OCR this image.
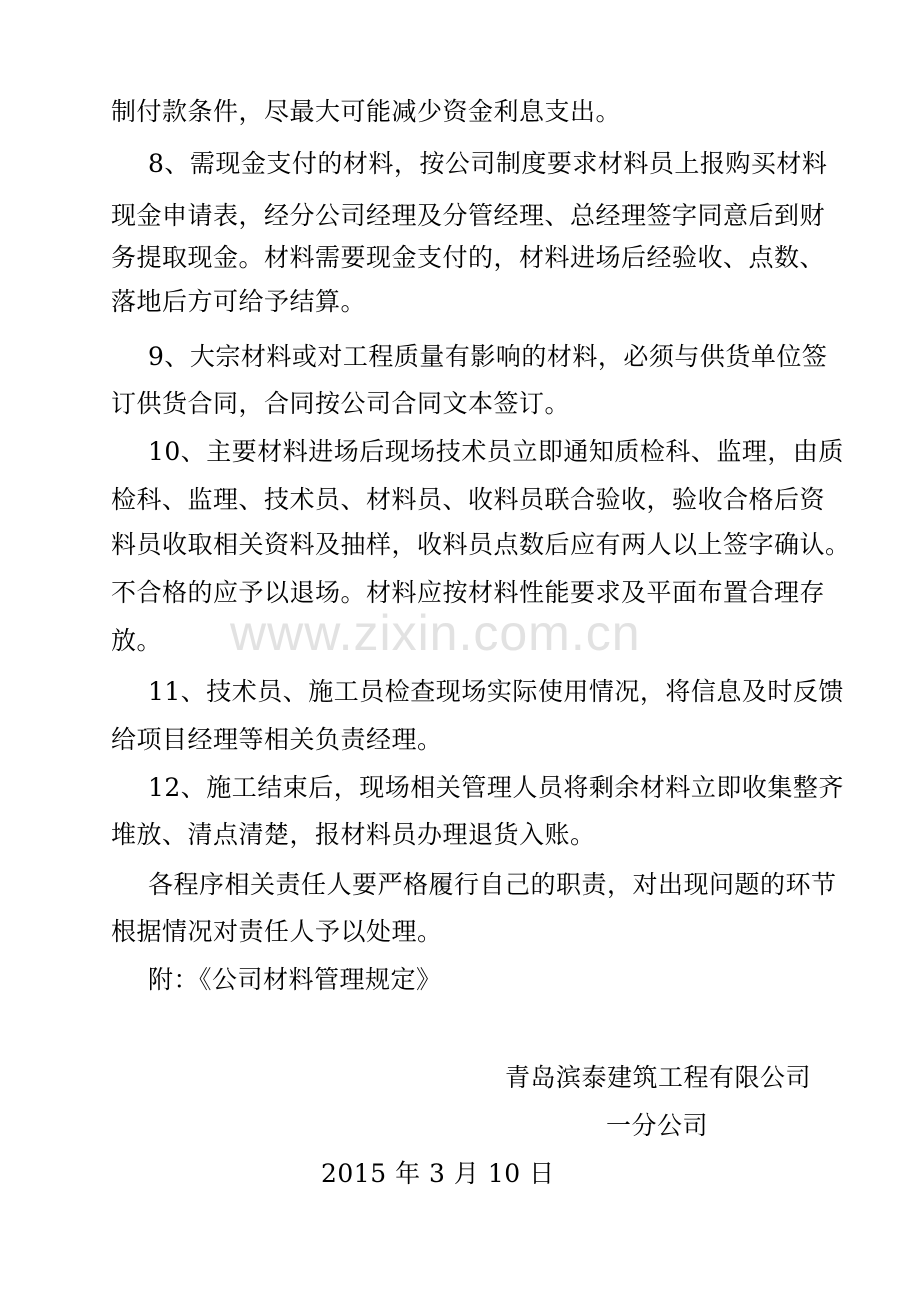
制付款条件，尽最大可能减少资金利息支出。
8、需现金支付的材料，按公司制度要求材料员上报购买材料
现金申请表，经分公司经理及分管经理、总经理签字同意后到财
务提取现金。材料需要现金支付的，材料进场后经验收、点数、
落地后方可给予结算。
9、大宗材料或对工程质量有影响的材料，必须与供货单位签
订供货合同，合同按公司合同文本签订。
10、主要材料进场后现场技术员立即通知质检科、监理，由质
检科、监理、技术员、材料员、收料员联合验收，验收合格后资
料员收取相关资料及抽样，收料员点数后应有两人以上签字确认。
不合格的应予以退场。材料应按材料性能要求及平面布置合理存
放。
11、技术员、施工员检查现场实际使用情况，将信息及时反馈
给项目经理等相关负责经理。
12、施工结束后，现场相关管理人员将剩余材料立即收集整齐
堆放、清点清楚，报材料员办理退货入账。
各程序相关责任人要严格履行自己的职责，对出现问题的环节
根据情况对责任人予以处理。
附：《公司材料管理规定》
青岛滨泰建筑工程有限公司
一分公司
2015 年 3 月 10 日
www.zixin.com.cn
